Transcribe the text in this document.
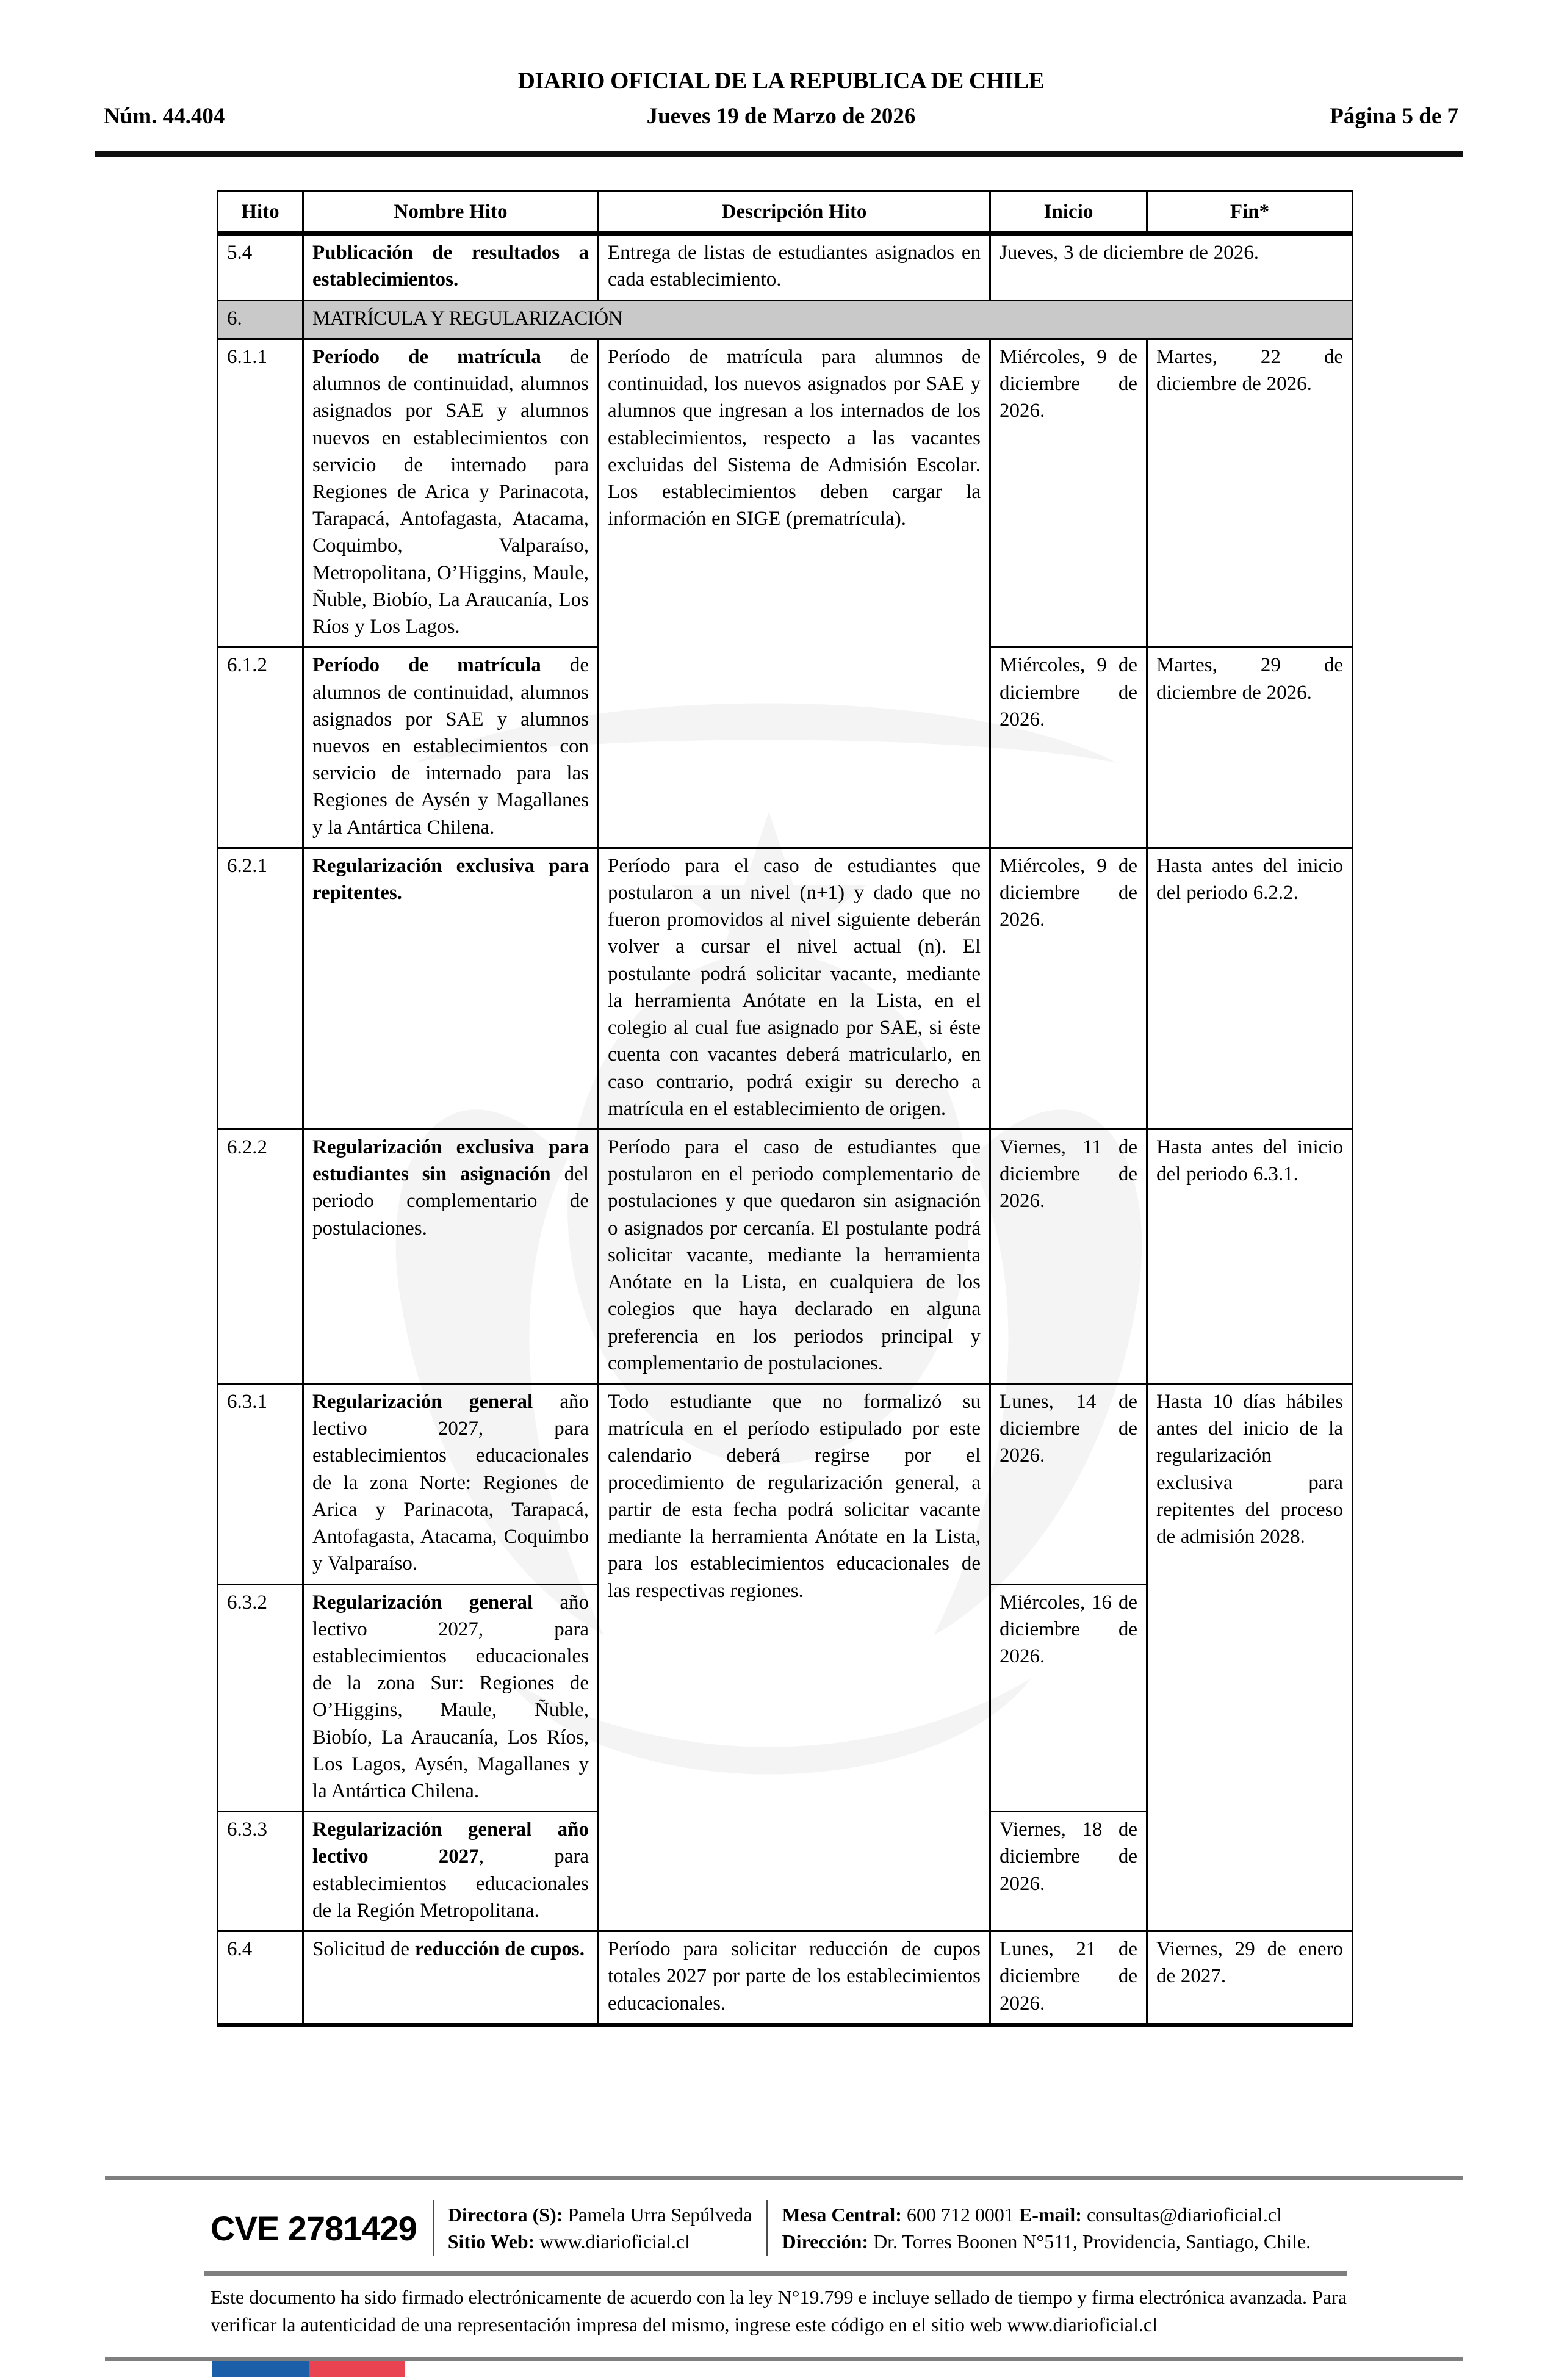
DIARIO OFICIAL DE LA REPUBLICA DE CHILE
Núm. 44.404	Jueves 19 de Marzo de 2026	Página 5 de 7
Hito	Nombre Hito	Descripción Hito	Inicio	Fin*
5.4	Publicación de resultados a establecimientos.	Entrega de listas de estudiantes asignados en cada establecimiento.	Jueves, 3 de diciembre de 2026.	
6.	MATRÍCULA Y REGULARIZACIÓN			
6.1.1	Período de matrícula de alumnos de continuidad, alumnos asignados por SAE y alumnos nuevos en establecimientos con servicio de internado para Regiones de Arica y Parinacota, Tarapacá, Antofagasta, Atacama, Coquimbo, Valparaíso, Metropolitana, O’Higgins, Maule, Ñuble, Biobío, La Araucanía, Los Ríos y Los Lagos.	Período de matrícula para alumnos de continuidad, los nuevos asignados por SAE y alumnos que ingresan a los internados de los establecimientos, respecto a las vacantes excluidas del Sistema de Admisión Escolar. Los establecimientos deben cargar la información en SIGE (prematrícula).	Miércoles, 9 de diciembre de 2026.	Martes, 22 de diciembre de 2026.
6.1.2	Período de matrícula de alumnos de continuidad, alumnos asignados por SAE y alumnos nuevos en establecimientos con servicio de internado para las Regiones de Aysén y Magallanes y la Antártica Chilena.		Miércoles, 9 de diciembre de 2026.	Martes, 29 de diciembre de 2026.
6.2.1	Regularización exclusiva para repitentes.	Período para el caso de estudiantes que postularon a un nivel (n+1) y dado que no fueron promovidos al nivel siguiente deberán volver a cursar el nivel actual (n). El postulante podrá solicitar vacante, mediante la herramienta Anótate en la Lista, en el colegio al cual fue asignado por SAE, si éste cuenta con vacantes deberá matricularlo, en caso contrario, podrá exigir su derecho a matrícula en el establecimiento de origen.	Miércoles, 9 de diciembre de 2026.	Hasta antes del inicio del periodo 6.2.2.
6.2.2	Regularización exclusiva para estudiantes sin asignación del periodo complementario de postulaciones.	Período para el caso de estudiantes que postularon en el periodo complementario de postulaciones y que quedaron sin asignación o asignados por cercanía. El postulante podrá solicitar vacante, mediante la herramienta Anótate en la Lista, en cualquiera de los colegios que haya declarado en alguna preferencia en los periodos principal y complementario de postulaciones.	Viernes, 11 de diciembre de 2026.	Hasta antes del inicio del periodo 6.3.1.
6.3.1	Regularización general año lectivo 2027, para establecimientos educacionales de la zona Norte: Regiones de Arica y Parinacota, Tarapacá, Antofagasta, Atacama, Coquimbo y Valparaíso.	Todo estudiante que no formalizó su matrícula en el período estipulado por este calendario deberá regirse por el procedimiento de regularización general, a partir de esta fecha podrá solicitar vacante mediante la herramienta Anótate en la Lista, para los establecimientos educacionales de las respectivas regiones.	Lunes, 14 de diciembre de 2026.	Hasta 10 días hábiles antes del inicio de la regularización exclusiva para repitentes del proceso de admisión 2028.
6.3.2	Regularización general año lectivo 2027, para establecimientos educacionales de la zona Sur: Regiones de O’Higgins, Maule, Ñuble, Biobío, La Araucanía, Los Ríos, Los Lagos, Aysén, Magallanes y la Antártica Chilena.		Miércoles, 16 de diciembre de 2026.	
6.3.3	Regularización general año lectivo 2027, para establecimientos educacionales de la Región Metropolitana.		Viernes, 18 de diciembre de 2026.	
6.4	Solicitud de reducción de cupos.	Período para solicitar reducción de cupos totales 2027 por parte de los establecimientos educacionales.	Lunes, 21 de diciembre de 2026.	Viernes, 29 de enero de 2027.
CVE 2781429	Directora (S): Pamela Urra Sepúlveda
Sitio Web: www.diarioficial.cl
Mesa Central: 600 712 0001 E-mail: consultas@diarioficial.cl
Dirección: Dr. Torres Boonen N°511, Providencia, Santiago, Chile.
Este documento ha sido firmado electrónicamente de acuerdo con la ley N°19.799 e incluye sellado de tiempo y firma electrónica avanzada. Para verificar la autenticidad de una representación impresa del mismo, ingrese este código en el sitio web www.diarioficial.cl
